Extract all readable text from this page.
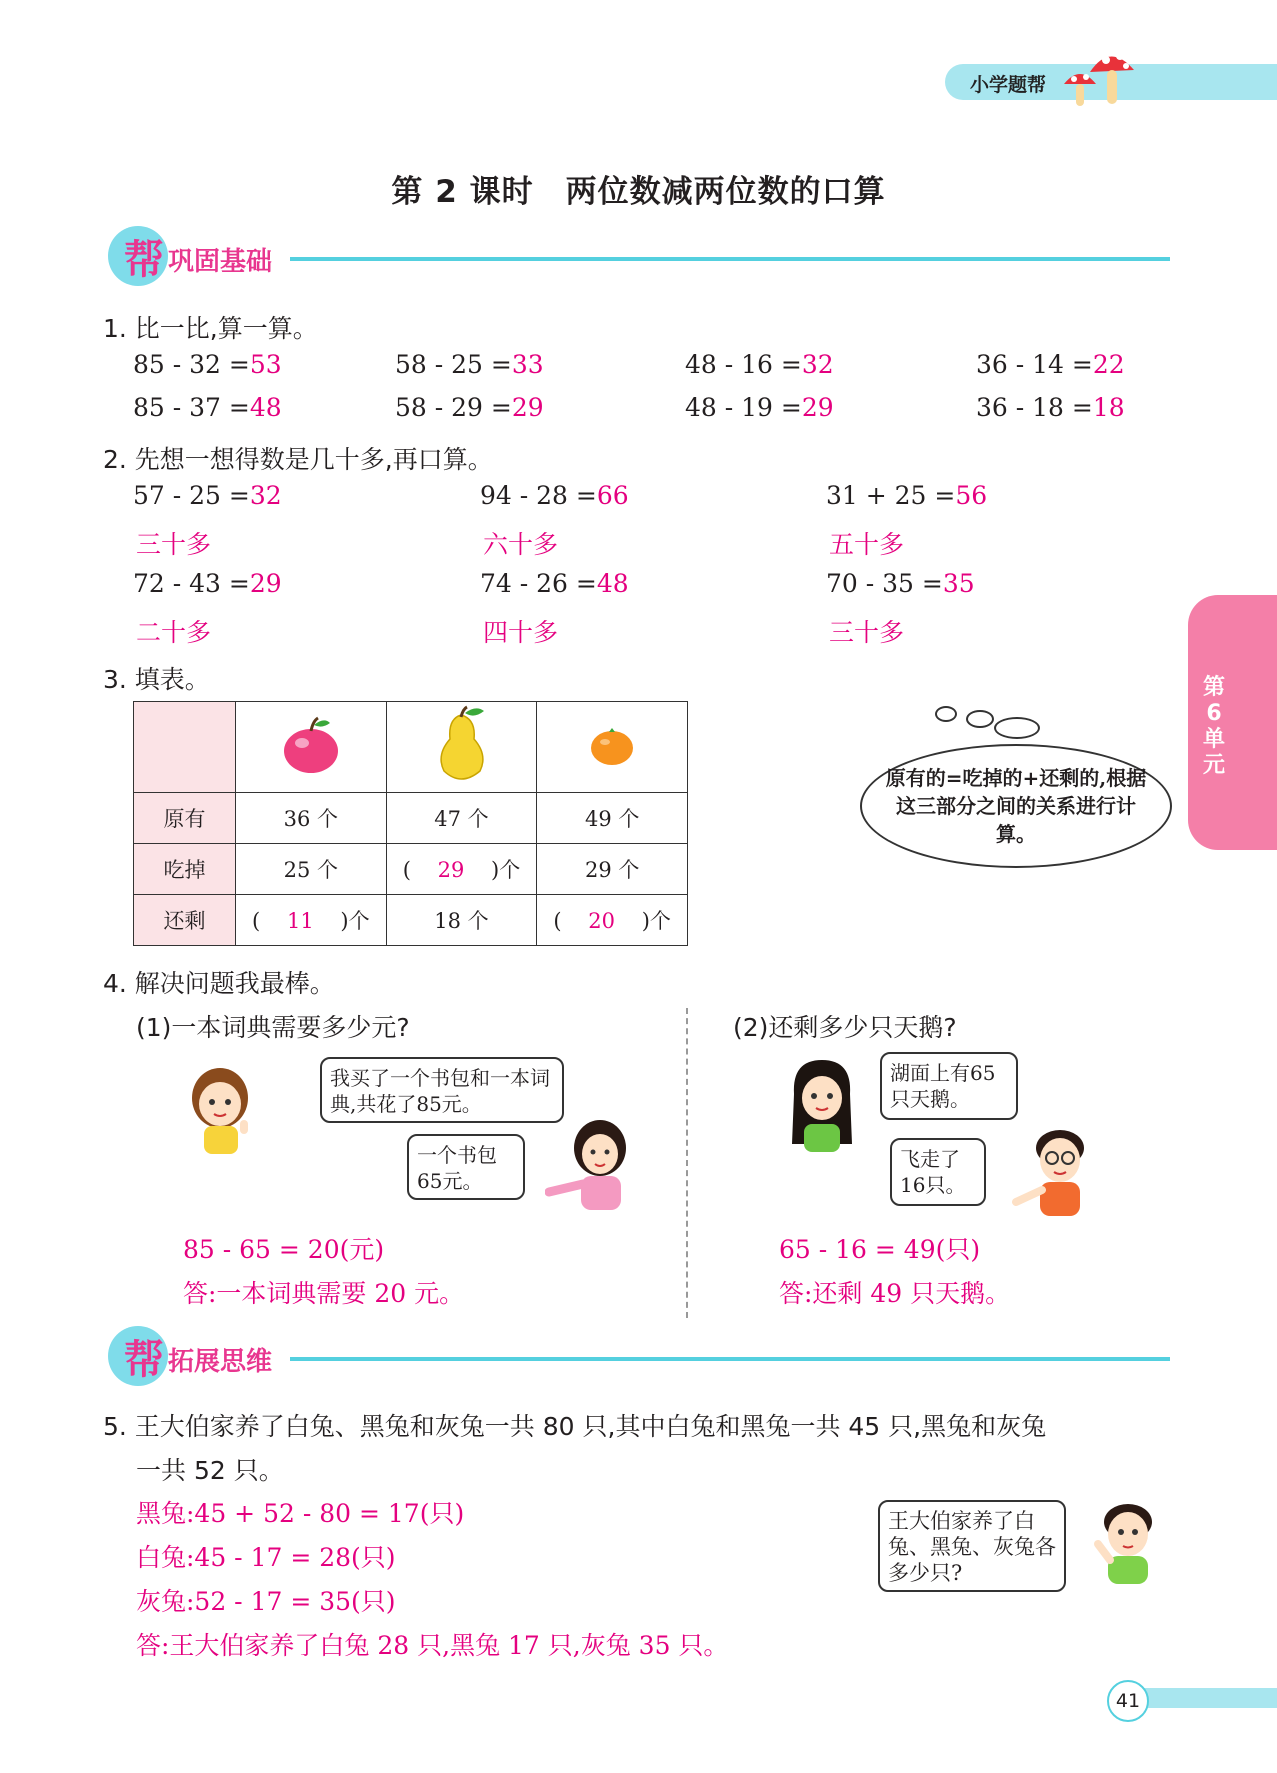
小学题帮
第 2 课时　两位数减两位数的口算
帮 巩固基础
1. 比一比,算一算。
85 - 32 =53	58 - 25 =33	48 - 16 =32	36 - 14 =22
85 - 37 =48	58 - 29 =29	48 - 19 =29	36 - 18 =18
2. 先想一想得数是几十多,再口算。
57 - 25 =32	94 - 28 =66	31 + 25 =56
三十多	六十多	五十多
72 - 43 =29	74 - 26 =48	70 - 35 =35
二十多	四十多	三十多
第6单元
3. 填表。

原有	36 个	47 个	49 个
吃掉	25 个	( 29 )个	29 个
还剩	( 11 )个	18 个	( 20 )个
原有的=吃掉的+还剩的,根据这三部分之间的关系进行计算。
4. 解决问题我最棒。
(1)一本词典需要多少元?	(2)还剩多少只天鹅?
我买了一个书包和一本词典,共花了85元。
一个书包65元。
85 - 65 = 20(元)
答:一本词典需要 20 元。
湖面上有65只天鹅。
飞走了16只。
65 - 16 = 49(只)
答:还剩 49 只天鹅。
帮 拓展思维
5. 王大伯家养了白兔、黑兔和灰兔一共 80 只,其中白兔和黑兔一共 45 只,黑兔和灰兔
一共 52 只。
黑兔:45 + 52 - 80 = 17(只)
白兔:45 - 17 = 28(只)
灰兔:52 - 17 = 35(只)
答:王大伯家养了白兔 28 只,黑兔 17 只,灰兔 35 只。
王大伯家养了白兔、黑兔、灰兔各多少只?
41
